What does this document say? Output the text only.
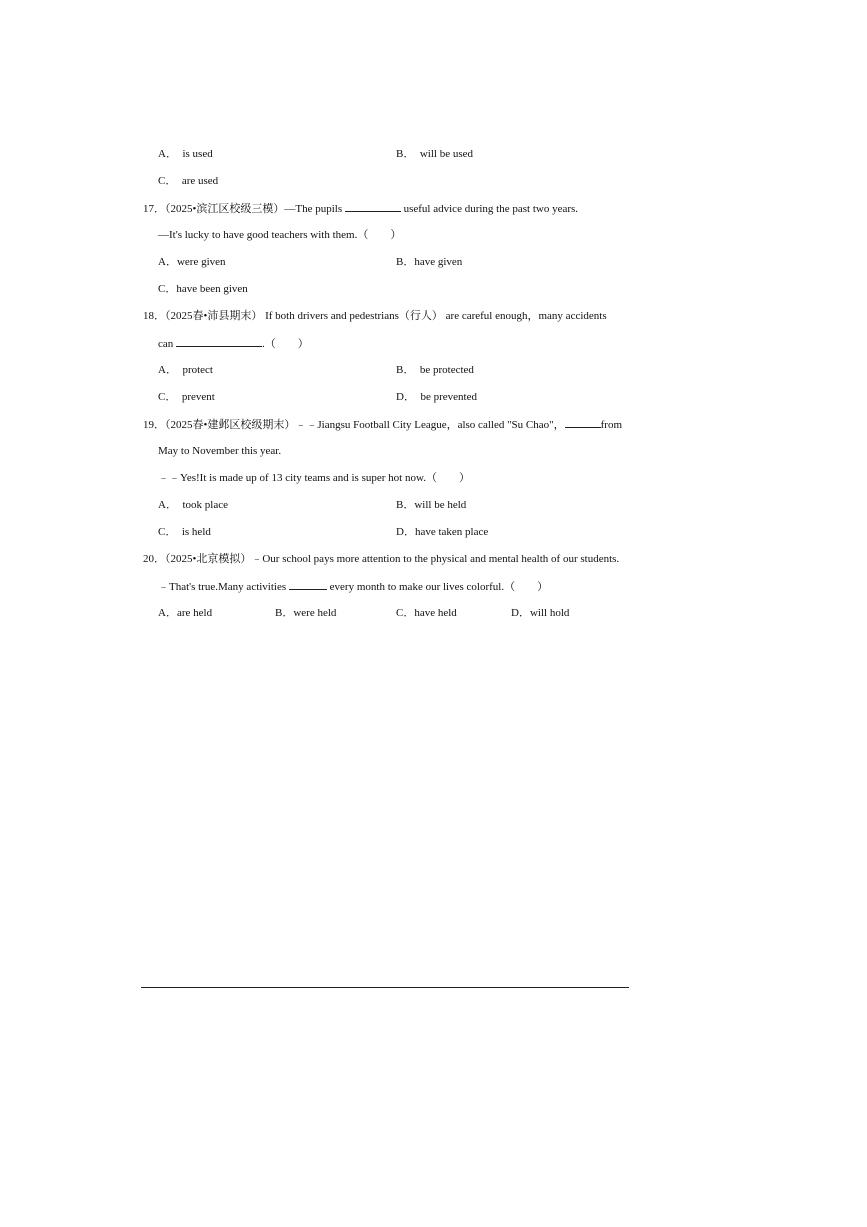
A． is used	B． will be used
C． are used
17．（2025•滨江区校级三模）—The pupils	useful advice during the past two years.
—It's lucky to have good teachers with them.（　　）
A．were given	B．have given
C．have been given
18．（2025春•沛县期末） If both drivers and pedestrians（行人） are careful enough，many accidents
can	.（　　）
A． protect	B． be protected
C． prevent	D． be prevented
19．（2025春•建邺区校级期末）﹣﹣Jiangsu Football City League，also called "Su Chao"，	from
May to November this year.
﹣﹣Yes!It is made up of 13 city teams and is super hot now.（　　）
A． took place	B．will be held
C． is held	D．have taken place
20．（2025•北京模拟）﹣Our school pays more attention to the physical and mental health of our students.
﹣That's true.Many activities	every month to make our lives colorful.（　　）
A．are held	B．were held	C．have held	D．will hold
